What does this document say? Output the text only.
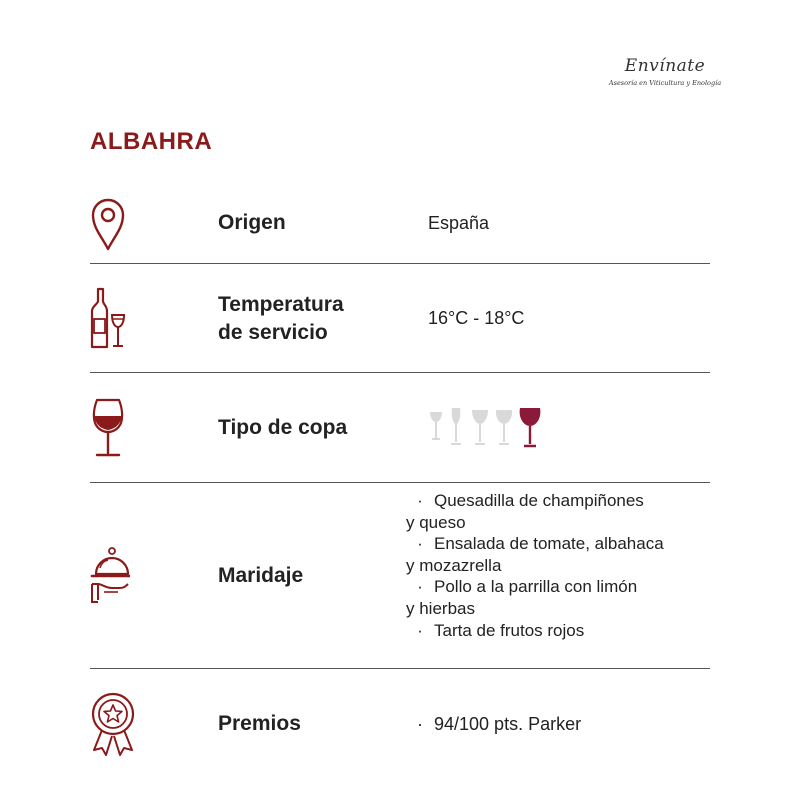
Envínate
Asesoría en Viticultura y Enología
ALBAHRA
Origen	España
Temperatura
de servicio
16°C - 18°C
Tipo de copa
Maridaje
· Quesadilla de champiñones
y queso
· Ensalada de tomate, albahaca
y mozazrella
· Pollo a la parrilla con limón
y hierbas
· Tarta de frutos rojos
Premios	· 94/100 pts. Parker
